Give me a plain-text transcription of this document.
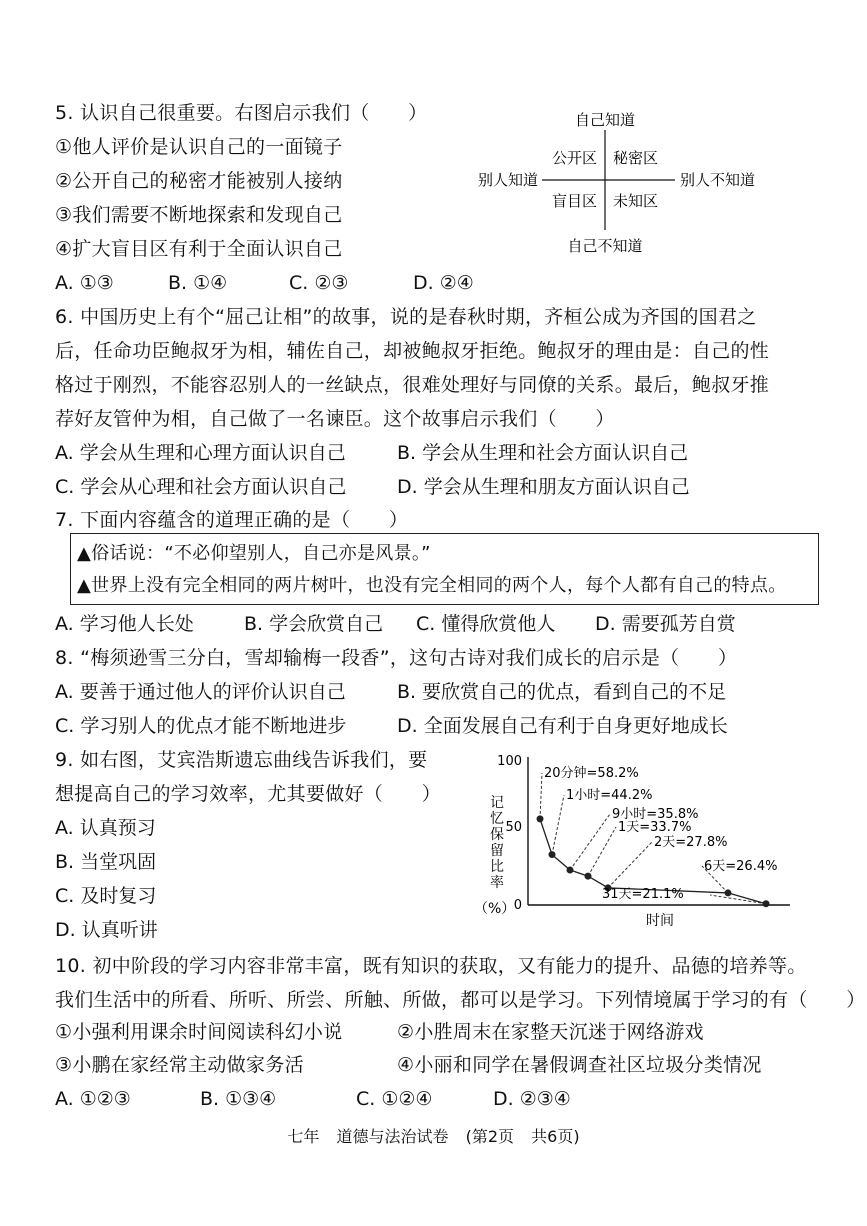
5. 认识自己很重要。右图启示我们（　　）
①他人评价是认识自己的一面镜子
②公开自己的秘密才能被别人接纳
③我们需要不断地探索和发现自己
④扩大盲目区有利于全面认识自己
A. ①③	B. ①④	C. ②③	D. ②④
自己知道
自己不知道
别人知道	别人不知道
公开区 秘密区
盲目区 未知区
6. 中国历史上有个“屈己让相”的故事，说的是春秋时期，齐桓公成为齐国的国君之
后，任命功臣鲍叔牙为相，辅佐自己，却被鲍叔牙拒绝。鲍叔牙的理由是：自己的性
格过于刚烈，不能容忍别人的一丝缺点，很难处理好与同僚的关系。最后，鲍叔牙推
荐好友管仲为相，自己做了一名谏臣。这个故事启示我们（　　）
A. 学会从生理和心理方面认识自己	B. 学会从生理和社会方面认识自己
C. 学会从心理和社会方面认识自己	D. 学会从生理和朋友方面认识自己
7. 下面内容蕴含的道理正确的是（　　）
▲俗话说：“不必仰望别人，自己亦是风景。”
▲世界上没有完全相同的两片树叶，也没有完全相同的两个人，每个人都有自己的特点。
A. 学习他人长处	B. 学会欣赏自己 C. 懂得欣赏他人 D. 需要孤芳自赏
8. “梅须逊雪三分白，雪却输梅一段香”，这句古诗对我们成长的启示是（　　）
A. 要善于通过他人的评价认识自己	B. 要欣赏自己的优点，看到自己的不足
C. 学习别人的优点才能不断地进步	D. 全面发展自己有利于自身更好地成长
9. 如右图，艾宾浩斯遗忘曲线告诉我们，要
想提高自己的学习效率，尤其要做好（　　）
A. 认真预习
B. 当堂巩固
C. 及时复习
D. 认真听讲
100
50
0
记忆保留比率（%）
时间
20分钟=58.2%
1小时=44.2%
9小时=35.8%
1天=33.7%
2天=27.8%
6天=26.4%
31天=21.1%
10. 初中阶段的学习内容非常丰富，既有知识的获取，又有能力的提升、品德的培养等。
我们生活中的所看、所听、所尝、所触、所做，都可以是学习。下列情境属于学习的有（　　）
①小强利用课余时间阅读科幻小说	②小胜周末在家整天沉迷于网络游戏
③小鹏在家经常主动做家务活	④小丽和同学在暑假调查社区垃圾分类情况
A. ①②③	B. ①③④	C. ①②④	D. ②③④
七年 道德与法治试卷 (第2页 共6页)
